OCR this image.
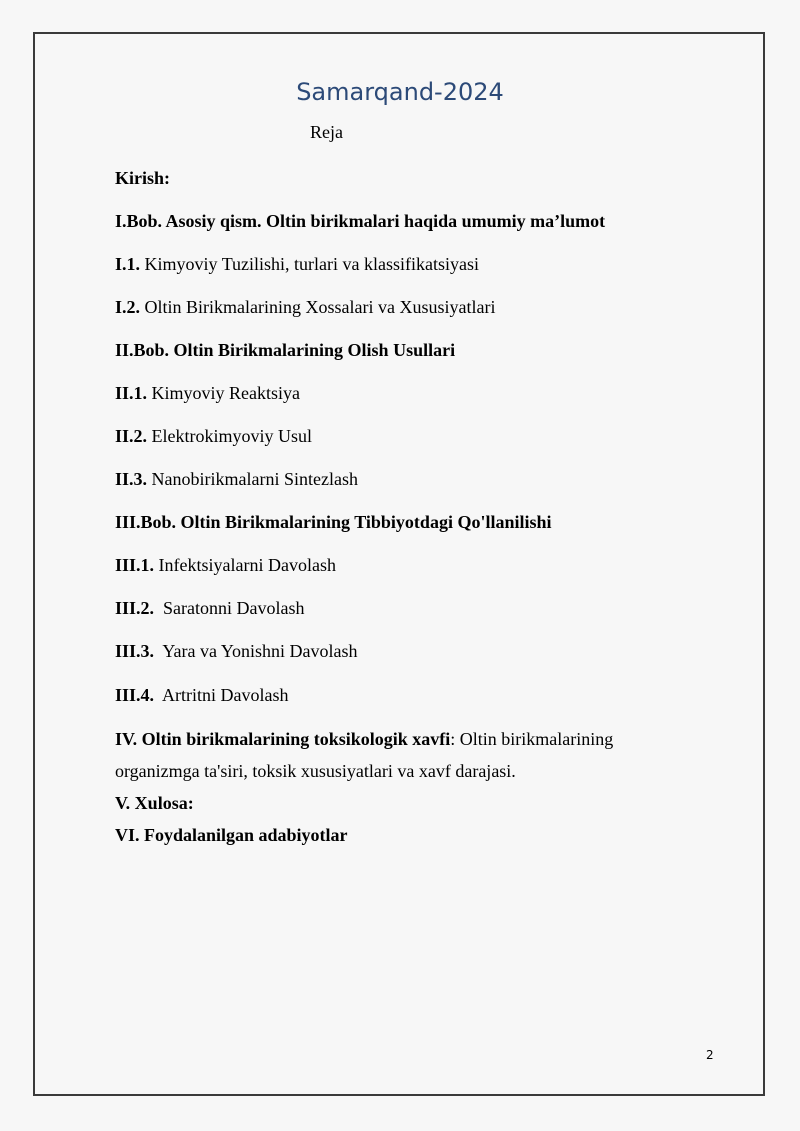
Samarqand-2024
Reja
Kirish:
I.Bob. Asosiy qism. Oltin birikmalari haqida umumiy ma’lumot
I.1. Kimyoviy Tuzilishi, turlari va klassifikatsiyasi
I.2. Oltin Birikmalarining Xossalari va Xususiyatlari
II.Bob. Oltin Birikmalarining Olish Usullari
II.1. Kimyoviy Reaktsiya
II.2. Elektrokimyoviy Usul
II.3. Nanobirikmalarni Sintezlash
III.Bob. Oltin Birikmalarining Tibbiyotdagi Qo'llanilishi
III.1. Infektsiyalarni Davolash
III.2.  Saratonni Davolash
III.3.  Yara va Yonishni Davolash
III.4.  Artritni Davolash
IV. Oltin birikmalarining toksikologik xavfi: Oltin birikmalarining
organizmga ta'siri, toksik xususiyatlari va xavf darajasi.
V. Xulosa:
VI. Foydalanilgan adabiyotlar
2
